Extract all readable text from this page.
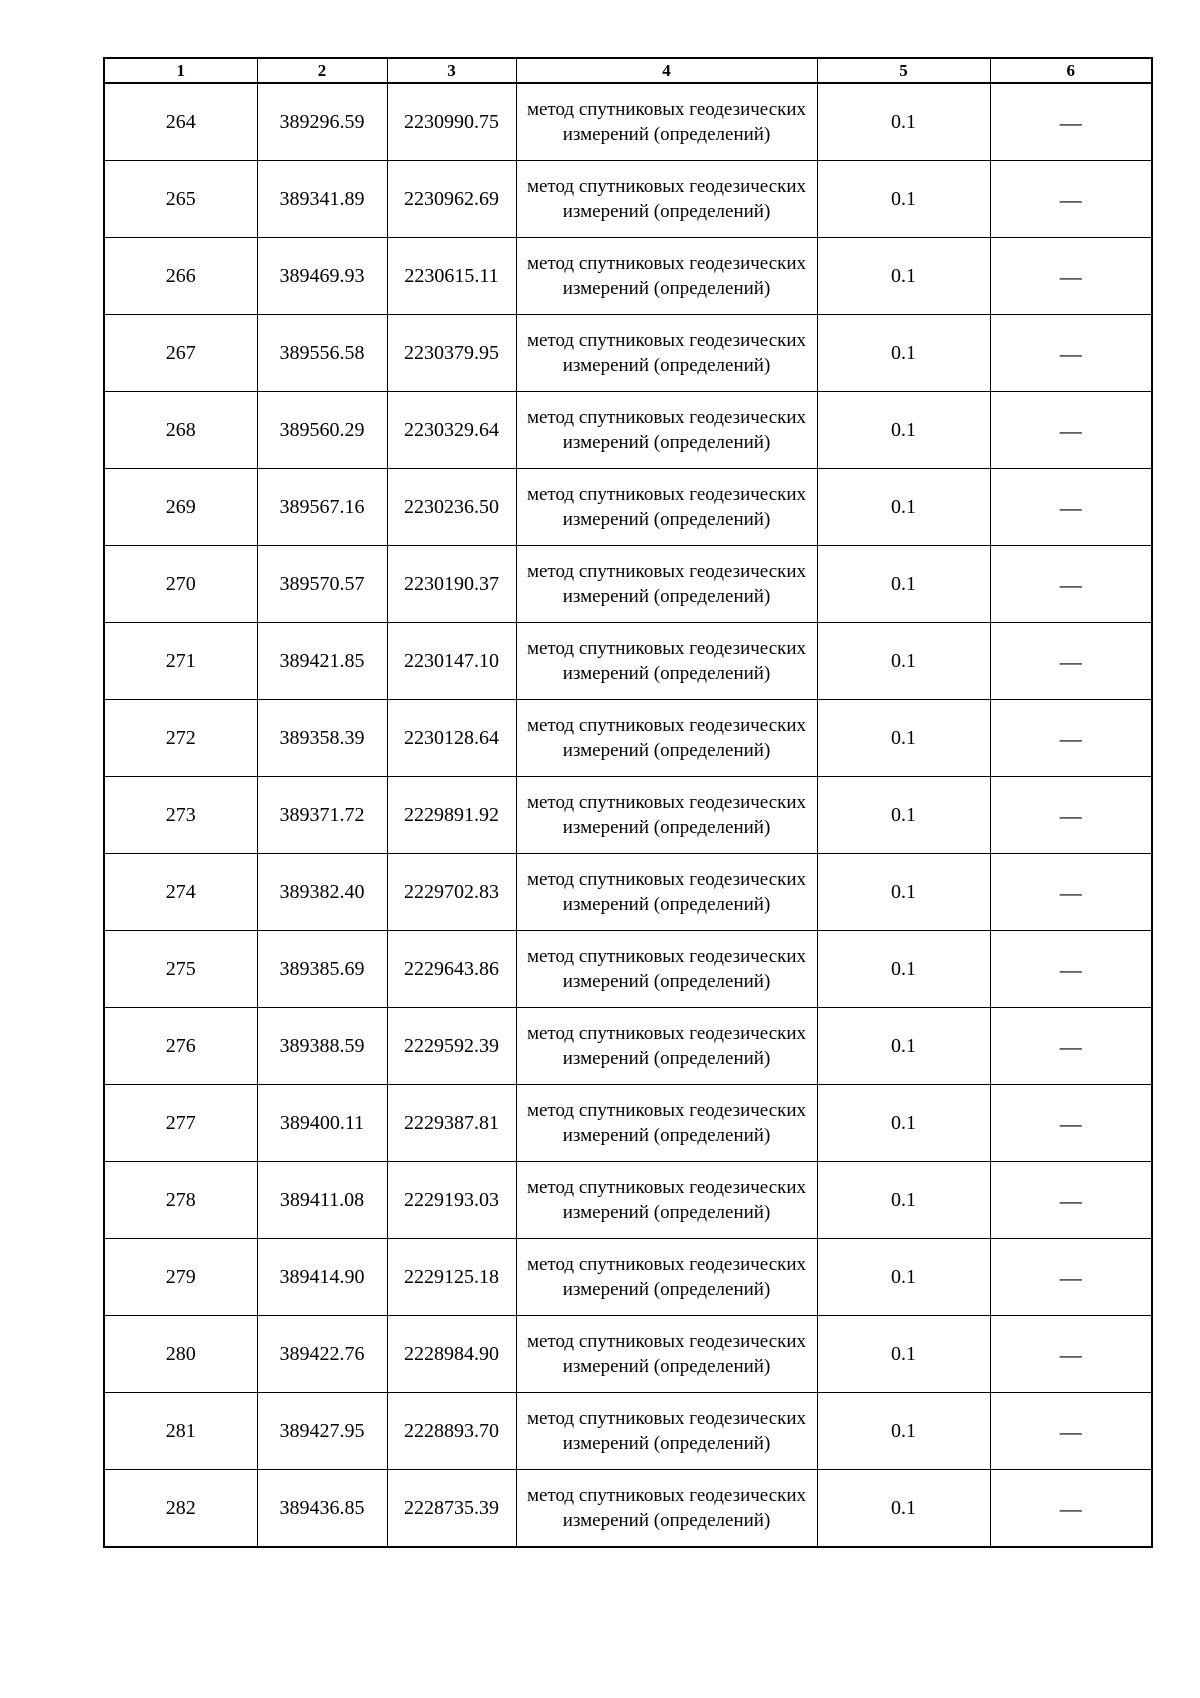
1	2	3	4	5	6
264	389296.59	2230990.75	метод спутниковых геодезических измерений (определений)	0.1	—
265	389341.89	2230962.69	метод спутниковых геодезических измерений (определений)	0.1	—
266	389469.93	2230615.11	метод спутниковых геодезических измерений (определений)	0.1	—
267	389556.58	2230379.95	метод спутниковых геодезических измерений (определений)	0.1	—
268	389560.29	2230329.64	метод спутниковых геодезических измерений (определений)	0.1	—
269	389567.16	2230236.50	метод спутниковых геодезических измерений (определений)	0.1	—
270	389570.57	2230190.37	метод спутниковых геодезических измерений (определений)	0.1	—
271	389421.85	2230147.10	метод спутниковых геодезических измерений (определений)	0.1	—
272	389358.39	2230128.64	метод спутниковых геодезических измерений (определений)	0.1	—
273	389371.72	2229891.92	метод спутниковых геодезических измерений (определений)	0.1	—
274	389382.40	2229702.83	метод спутниковых геодезических измерений (определений)	0.1	—
275	389385.69	2229643.86	метод спутниковых геодезических измерений (определений)	0.1	—
276	389388.59	2229592.39	метод спутниковых геодезических измерений (определений)	0.1	—
277	389400.11	2229387.81	метод спутниковых геодезических измерений (определений)	0.1	—
278	389411.08	2229193.03	метод спутниковых геодезических измерений (определений)	0.1	—
279	389414.90	2229125.18	метод спутниковых геодезических измерений (определений)	0.1	—
280	389422.76	2228984.90	метод спутниковых геодезических измерений (определений)	0.1	—
281	389427.95	2228893.70	метод спутниковых геодезических измерений (определений)	0.1	—
282	389436.85	2228735.39	метод спутниковых геодезических измерений (определений)	0.1	—
